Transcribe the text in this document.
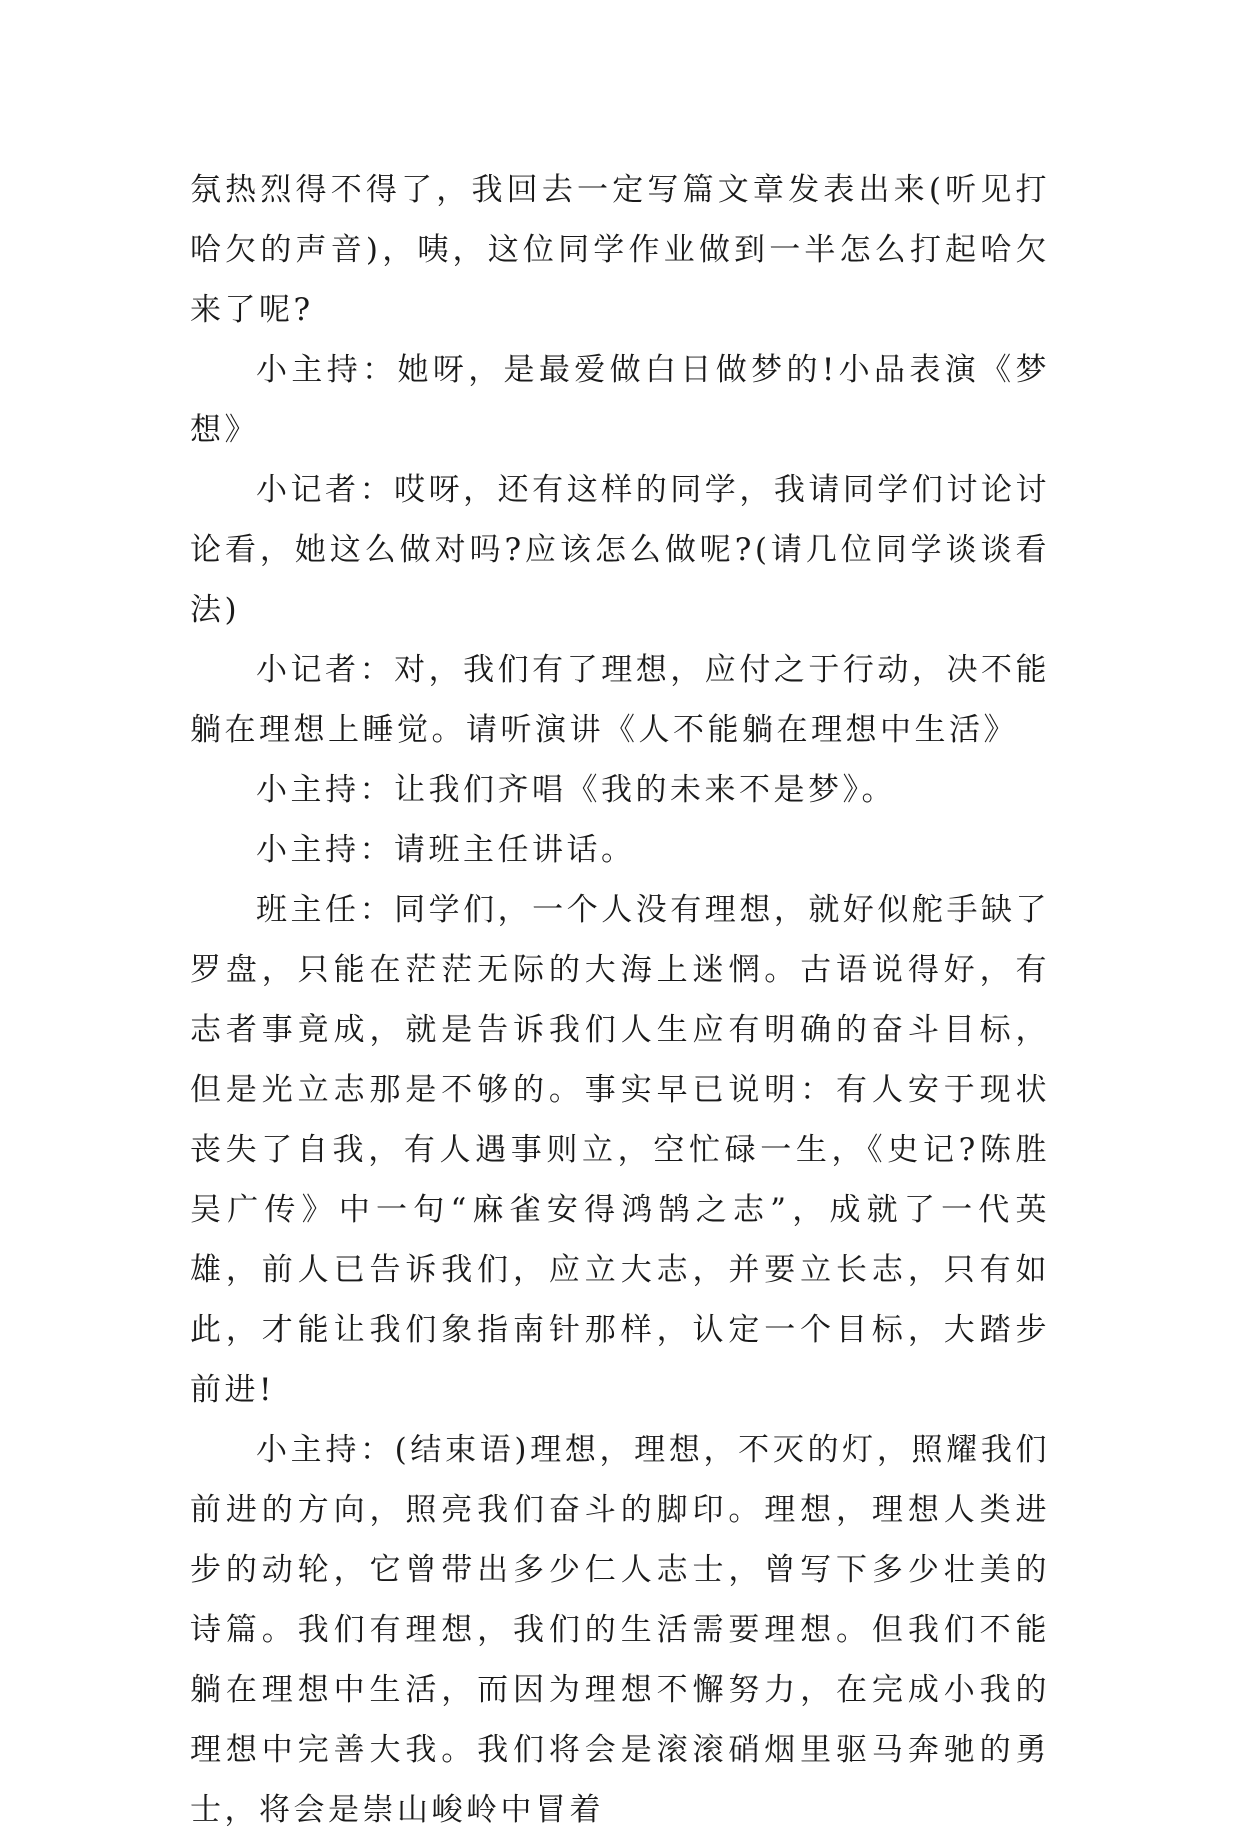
氛热烈得不得了，我回去一定写篇文章发表出来(听见打哈欠的声音)，咦，这位同学作业做到一半怎么打起哈欠来了呢?

小主持：她呀，是最爱做白日做梦的!小品表演《梦想》

小记者：哎呀，还有这样的同学，我请同学们讨论讨论看，她这么做对吗?应该怎么做呢?(请几位同学谈谈看法)

小记者：对，我们有了理想，应付之于行动，决不能躺在理想上睡觉。请听演讲《人不能躺在理想中生活》

小主持：让我们齐唱《我的未来不是梦》。

小主持：请班主任讲话。

班主任：同学们，一个人没有理想，就好似舵手缺了罗盘，只能在茫茫无际的大海上迷惘。古语说得好，有志者事竟成，就是告诉我们人生应有明确的奋斗目标，但是光立志那是不够的。事实早已说明：有人安于现状丧失了自我，有人遇事则立，空忙碌一生，《史记?陈胜吴广传》中一句“麻雀安得鸿鹄之志”，成就了一代英雄，前人已告诉我们，应立大志，并要立长志，只有如此，才能让我们象指南针那样，认定一个目标，大踏步前进!

小主持：(结束语)理想，理想，不灭的灯，照耀我们前进的方向，照亮我们奋斗的脚印。理想，理想人类进步的动轮，它曾带出多少仁人志士，曾写下多少壮美的诗篇。我们有理想，我们的生活需要理想。但我们不能躺在理想中生活，而因为理想不懈努力，在完成小我的理想中完善大我。我们将会是滚滚硝烟里驱马奔驰的勇士，将会是崇山峻岭中冒着
